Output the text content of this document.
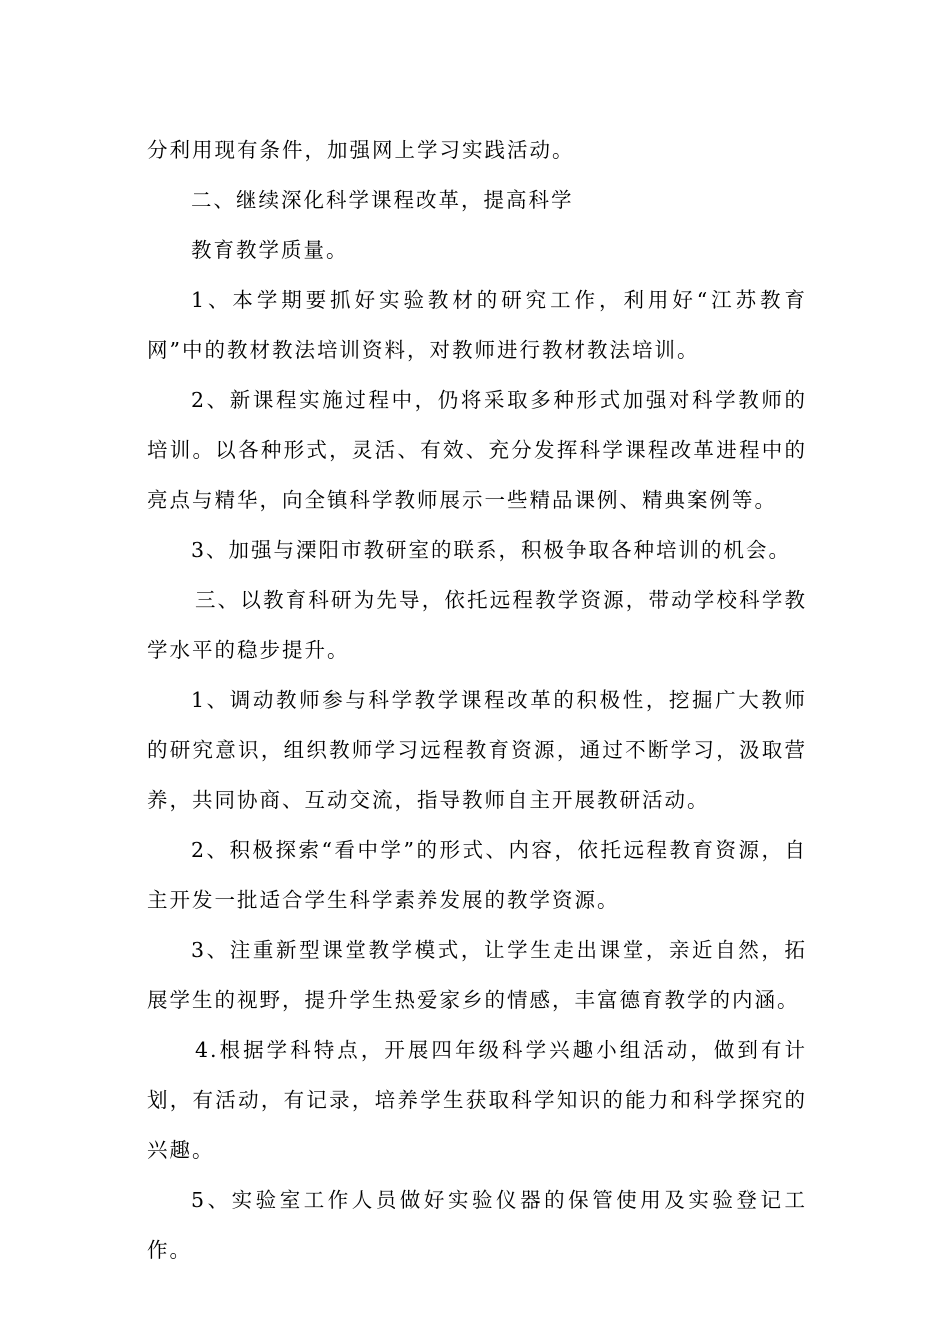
分利用现有条件，加强网上学习实践活动。

二、继续深化科学课程改革，提高科学

教育教学质量。

1、本学期要抓好实验教材的研究工作，利用好“江苏教育网”中的教材教法培训资料，对教师进行教材教法培训。

2、新课程实施过程中，仍将采取多种形式加强对科学教师的培训。以各种形式，灵活、有效、充分发挥科学课程改革进程中的亮点与精华，向全镇科学教师展示一些精品课例、精典案例等。

3、加强与溧阳市教研室的联系，积极争取各种培训的机会。

三、以教育科研为先导，依托远程教学资源，带动学校科学教学水平的稳步提升。

1、调动教师参与科学教学课程改革的积极性，挖掘广大教师的研究意识，组织教师学习远程教育资源，通过不断学习，汲取营养，共同协商、互动交流，指导教师自主开展教研活动。

2、积极探索“看中学”的形式、内容，依托远程教育资源，自主开发一批适合学生科学素养发展的教学资源。

3、注重新型课堂教学模式，让学生走出课堂，亲近自然，拓展学生的视野，提升学生热爱家乡的情感，丰富德育教学的内涵。

4.根据学科特点，开展四年级科学兴趣小组活动，做到有计划，有活动，有记录，培养学生获取科学知识的能力和科学探究的兴趣。

5、实验室工作人员做好实验仪器的保管使用及实验登记工作。
